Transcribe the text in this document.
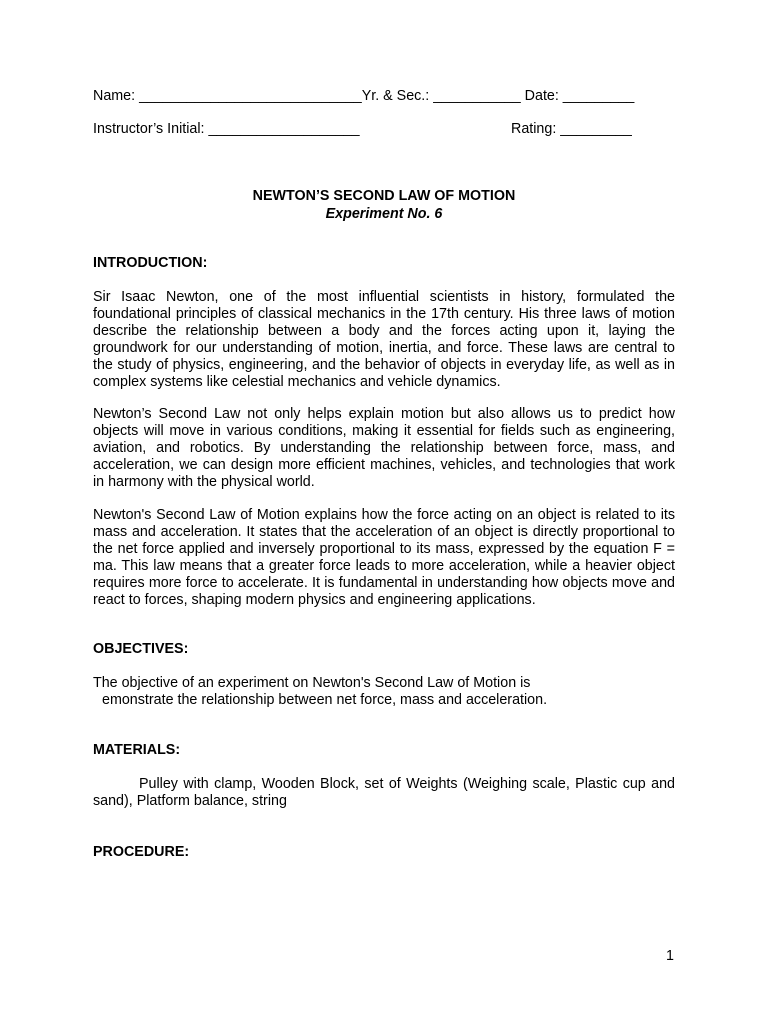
Name: ____________________________Yr. & Sec.: ___________ Date: _________
Instructor’s Initial: ___________________	Rating: _________
NEWTON’S SECOND LAW OF MOTION
Experiment No. 6
INTRODUCTION:

Sir Isaac Newton, one of the most influential scientists in history, formulated the foundational principles of classical mechanics in the 17th century. His three laws of motion describe the relationship between a body and the forces acting upon it, laying the groundwork for our understanding of motion, inertia, and force. These laws are central to the study of physics, engineering, and the behavior of objects in everyday life, as well as in complex systems like celestial mechanics and vehicle dynamics.

Newton’s Second Law not only helps explain motion but also allows us to predict how objects will move in various conditions, making it essential for fields such as engineering, aviation, and robotics. By understanding the relationship between force, mass, and acceleration, we can design more efficient machines, vehicles, and technologies that work in harmony with the physical world.

Newton's Second Law of Motion explains how the force acting on an object is related to its mass and acceleration. It states that the acceleration of an object is directly proportional to the net force applied and inversely proportional to its mass, expressed by the equation F = ma. This law means that a greater force leads to more acceleration, while a heavier object requires more force to accelerate. It is fundamental in understanding how objects move and react to forces, shaping modern physics and engineering applications.

OBJECTIVES:
The objective of an experiment on Newton's Second Law of Motion is
emonstrate the relationship between net force, mass and acceleration.
MATERIALS:

Pulley with clamp, Wooden Block, set of Weights (Weighing scale, Plastic cup and sand), Platform balance, string

PROCEDURE:
1
